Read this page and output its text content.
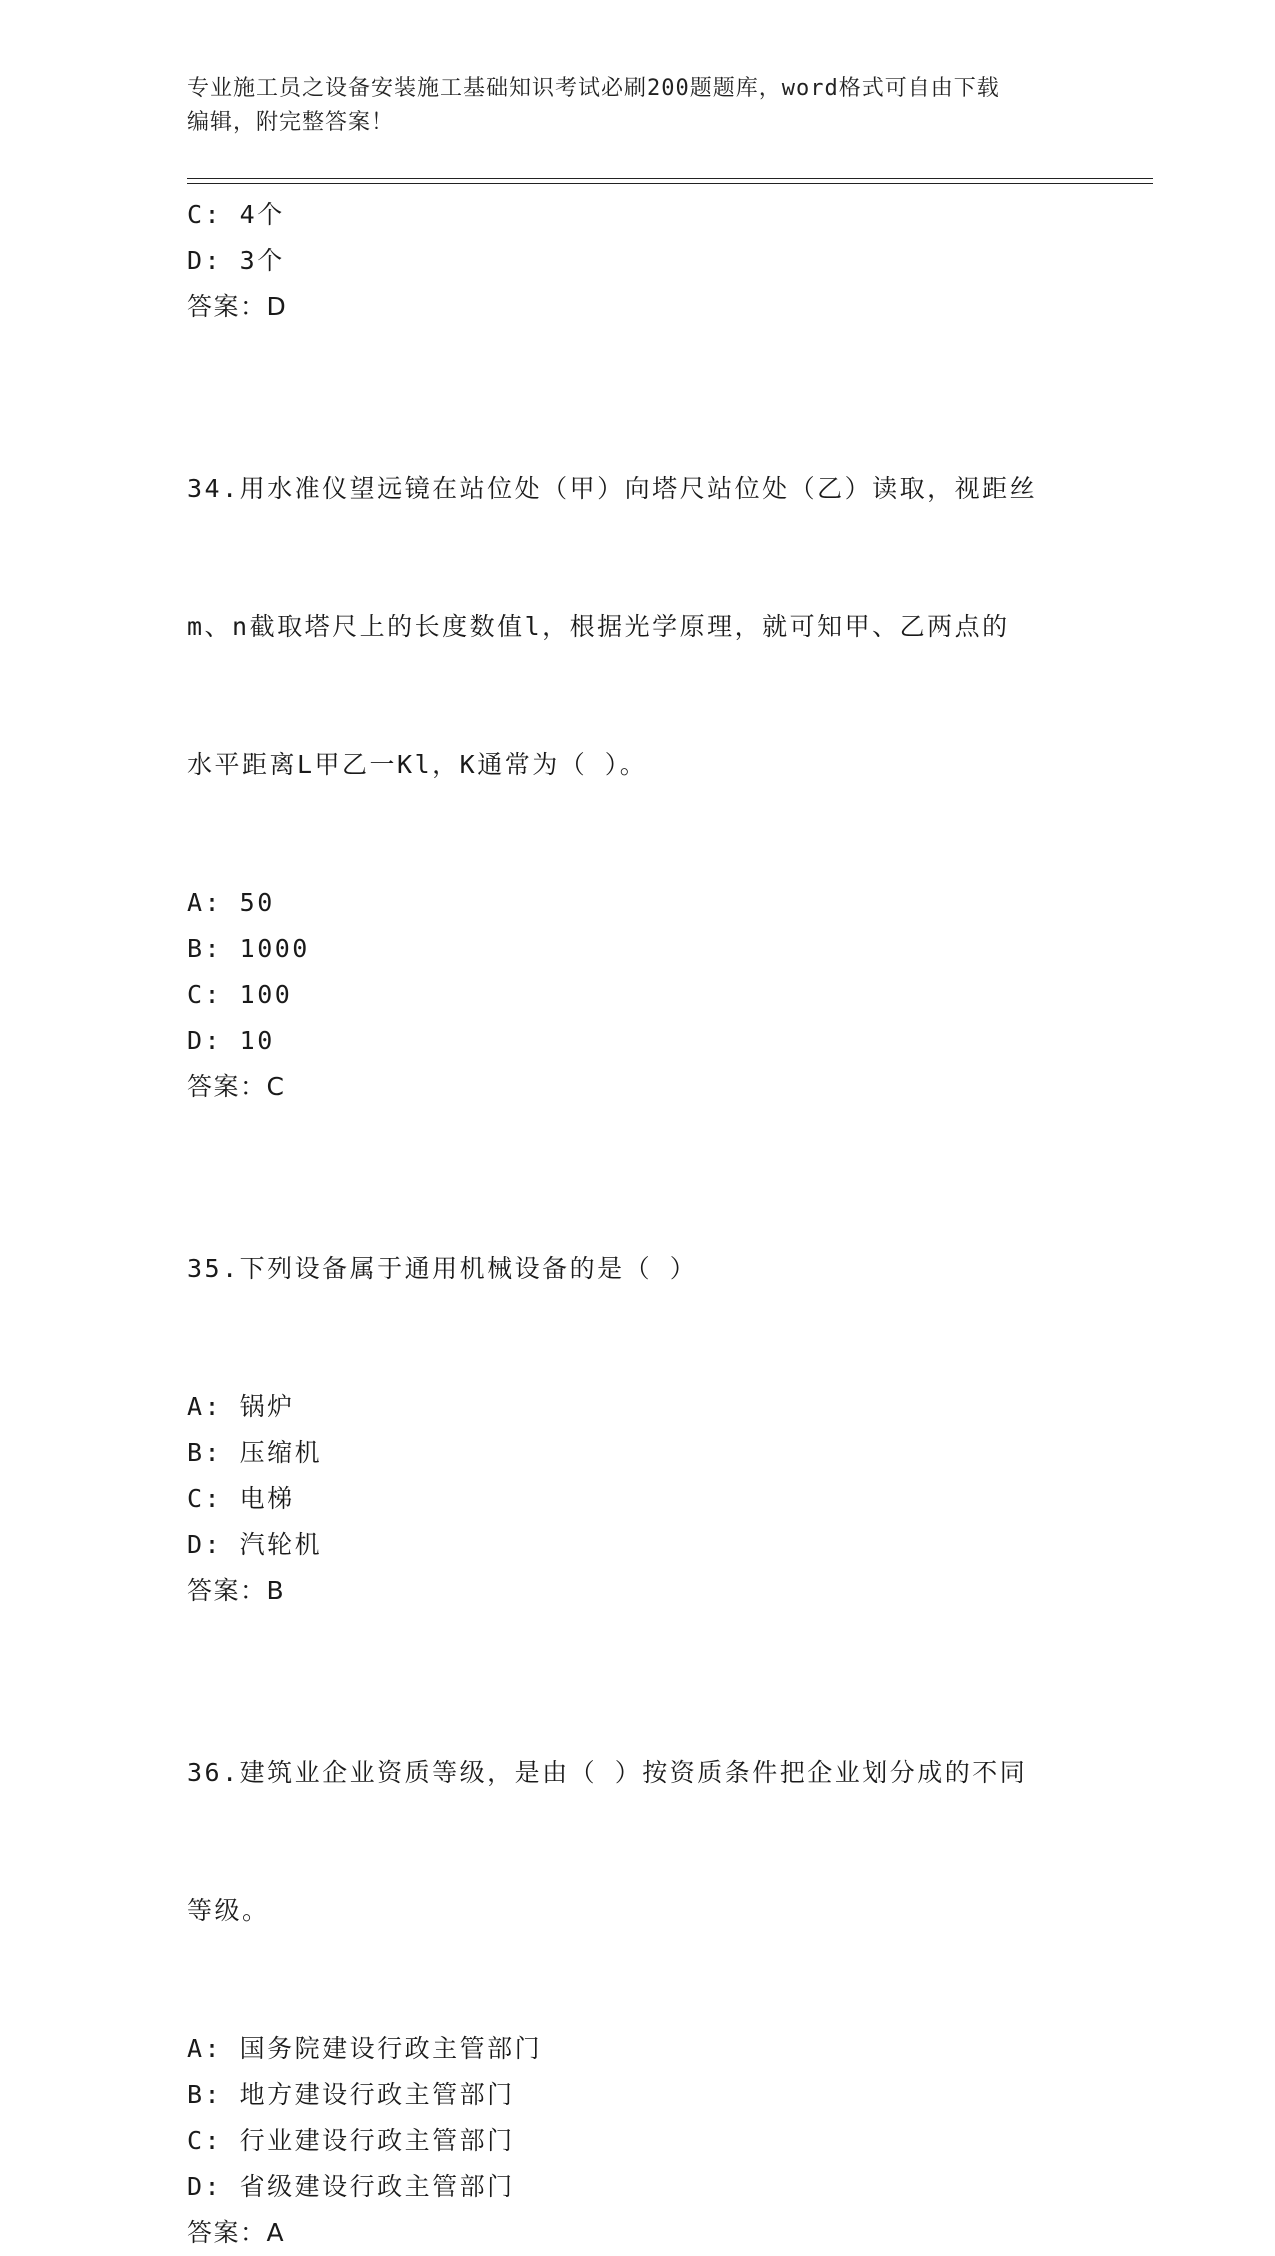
专业施工员之设备安装施工基础知识考试必刷200题题库，word格式可自由下载
编辑，附完整答案！
C: 4个
D: 3个
答案：D

34.用水准仪望远镜在站位处（甲）向塔尺站位处（乙）读取，视距丝

m、n截取塔尺上的长度数值l，根据光学原理，就可知甲、乙两点的

水平距离L甲乙一Kl，K通常为（ ）。

A: 50
B: 1000
C: 100
D: 10
答案：C

35.下列设备属于通用机械设备的是（ ）

A: 锅炉
B: 压缩机
C: 电梯
D: 汽轮机
答案：B

36.建筑业企业资质等级，是由（ ）按资质条件把企业划分成的不同

等级。

A: 国务院建设行政主管部门
B: 地方建设行政主管部门
C: 行业建设行政主管部门
D: 省级建设行政主管部门
答案：A
